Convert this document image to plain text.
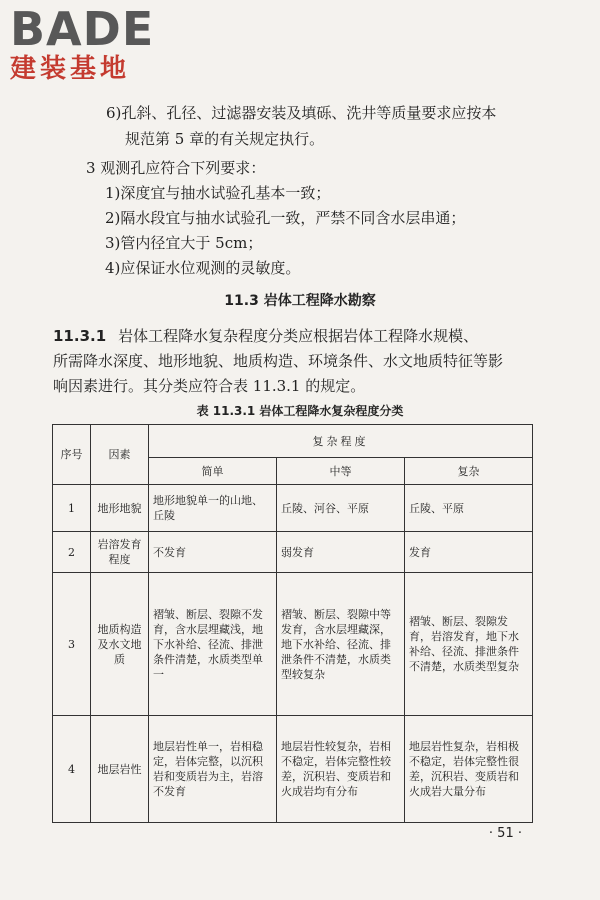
BADE
建装基地
6)孔斜、孔径、过滤器安装及填砾、洗井等质量要求应按本
规范第 5 章的有关规定执行。
3 观测孔应符合下列要求：
1)深度宜与抽水试验孔基本一致；
2)隔水段宜与抽水试验孔一致，严禁不同含水层串通；
3)管内径宜大于 5cm；
4)应保证水位观测的灵敏度。
11.3 岩体工程降水勘察
11.3.1 岩体工程降水复杂程度分类应根据岩体工程降水规模、
所需降水深度、地形地貌、地质构造、环境条件、水文地质特征等影
响因素进行。其分类应符合表 11.3.1 的规定。
表 11.3.1 岩体工程降水复杂程度分类
序号	因素	复杂程度		
		简单	中等	复杂
1	地形地貌	地形地貌单一的山地、丘陵	丘陵、河谷、平原	丘陵、平原
2	岩溶发育程度	不发育	弱发育	发育
3	地质构造及水文地质	褶皱、断层、裂隙不发育，含水层埋藏浅，地下水补给、径流、排泄条件清楚，水质类型单一	褶皱、断层、裂隙中等发育，含水层埋藏深，地下水补给、径流、排泄条件不清楚，水质类型较复杂	褶皱、断层、裂隙发育，岩溶发育，地下水补给、径流、排泄条件不清楚，水质类型复杂
4	地层岩性	地层岩性单一，岩相稳定，岩体完整，以沉积岩和变质岩为主，岩溶不发育	地层岩性较复杂，岩相不稳定，岩体完整性较差，沉积岩、变质岩和火成岩均有分布	地层岩性复杂，岩相极不稳定，岩体完整性很差，沉积岩、变质岩和火成岩大量分布
· 51 ·
